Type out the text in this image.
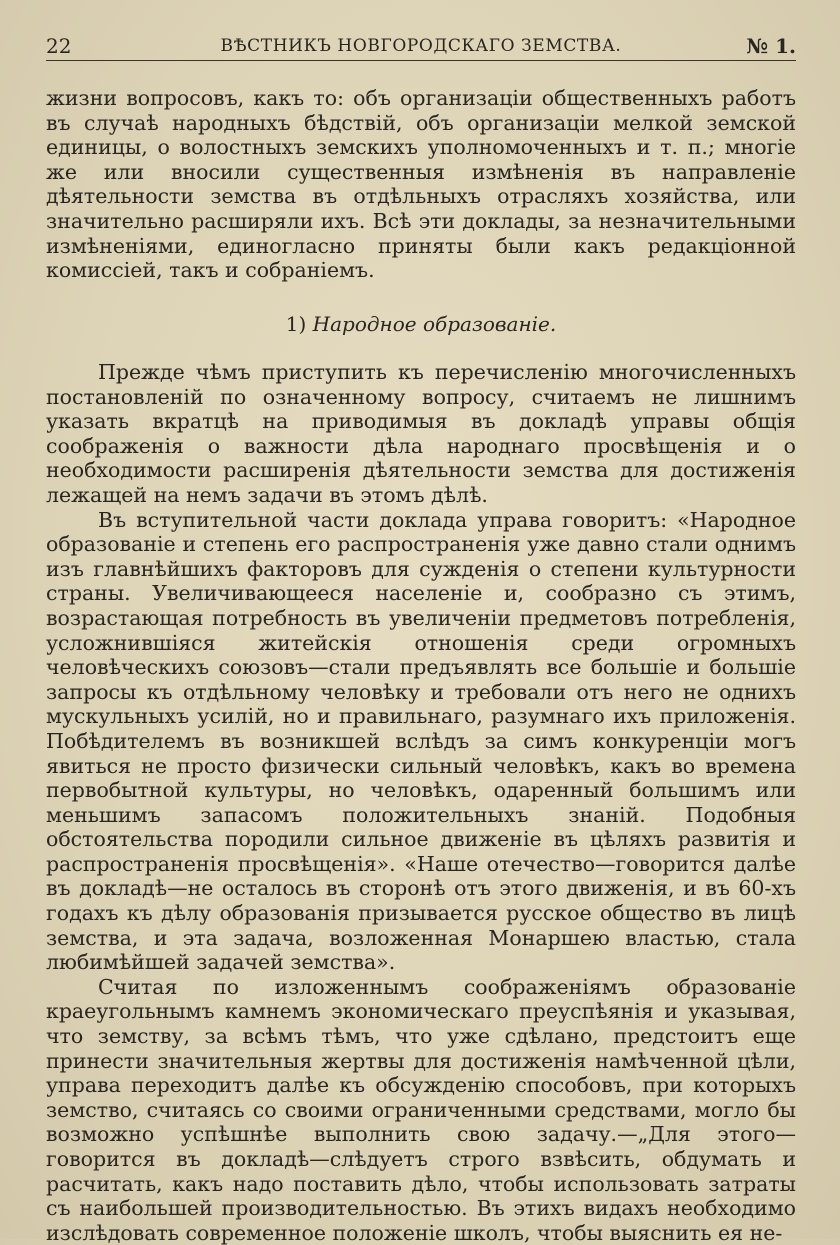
22	ВѢСТНИКЪ НОВГОРОДСКАГО ЗЕМСТВА.	№ 1.

жизни вопросовъ, какъ то: объ организаціи общественныхъ работъ въ случаѣ народныхъ бѣдствій, объ организаціи мелкой земской единицы, о волостныхъ земскихъ уполномоченныхъ и т. п.; многіе же или вносили существенныя измѣненія въ направленіе дѣятельности земства въ отдѣльныхъ отрасляхъ хозяйства, или значительно расширяли ихъ. Всѣ эти доклады, за незначительными измѣненіями, единогласно приняты были какъ редакціонной комиссіей, такъ и собраніемъ.

1) Народное образованіе.

Прежде чѣмъ приступить къ перечисленію многочисленныхъ постановленій по означенному вопросу, считаемъ не лишнимъ указать вкратцѣ на приводимыя въ докладѣ управы общія соображенія о важности дѣла народнаго просвѣщенія и о необходимости расширенія дѣятельности земства для достиженія лежащей на немъ задачи въ этомъ дѣлѣ.

Въ вступительной части доклада управа говоритъ: «Народное образованіе и степень его распространенія уже давно стали однимъ изъ главнѣйшихъ факторовъ для сужденія о степени культурности страны. Увеличивающееся населеніе и, сообразно съ этимъ, возрастающая потребность въ увеличеніи предметовъ потребленія, усложнившіяся житейскія отношенія среди огромныхъ человѣческихъ союзовъ—стали предъявлять все большіе и большіе запросы къ отдѣльному человѣку и требовали отъ него не однихъ мускульныхъ усилій, но и правильнаго, разумнаго ихъ приложенія. Побѣдителемъ въ возникшей вслѣдъ за симъ конкуренціи могъ явиться не просто физически сильный человѣкъ, какъ во времена первобытной культуры, но человѣкъ, одаренный большимъ или меньшимъ запасомъ положительныхъ знаній. Подобныя обстоятельства породили сильное движеніе въ цѣляхъ развитія и распространенія просвѣщенія». «Наше отечество—говорится далѣе въ докладѣ—не осталось въ сторонѣ отъ этого движенія, и въ 60-хъ годахъ къ дѣлу образованія призывается русское общество въ лицѣ земства, и эта задача, возложенная Монаршею властью, стала любимѣйшей задачей земства».

Считая по изложеннымъ соображеніямъ образованіе краеугольнымъ камнемъ экономическаго преуспѣянія и указывая, что земству, за всѣмъ тѣмъ, что уже сдѣлано, предстоитъ еще принести значительныя жертвы для достиженія намѣченной цѣли, управа переходитъ далѣе къ обсужденію способовъ, при которыхъ земство, считаясь со своими ограниченными средствами, могло бы возможно успѣшнѣе выполнить свою задачу.—„Для этого—говорится въ докладѣ—слѣдуетъ строго взвѣсить, обдумать и расчитать, какъ надо поставить дѣло, чтобы использовать затраты съ наибольшей производительностью. Въ этихъ видахъ необходимо изслѣдовать современное положеніе школъ, чтобы выяснить ея не-
